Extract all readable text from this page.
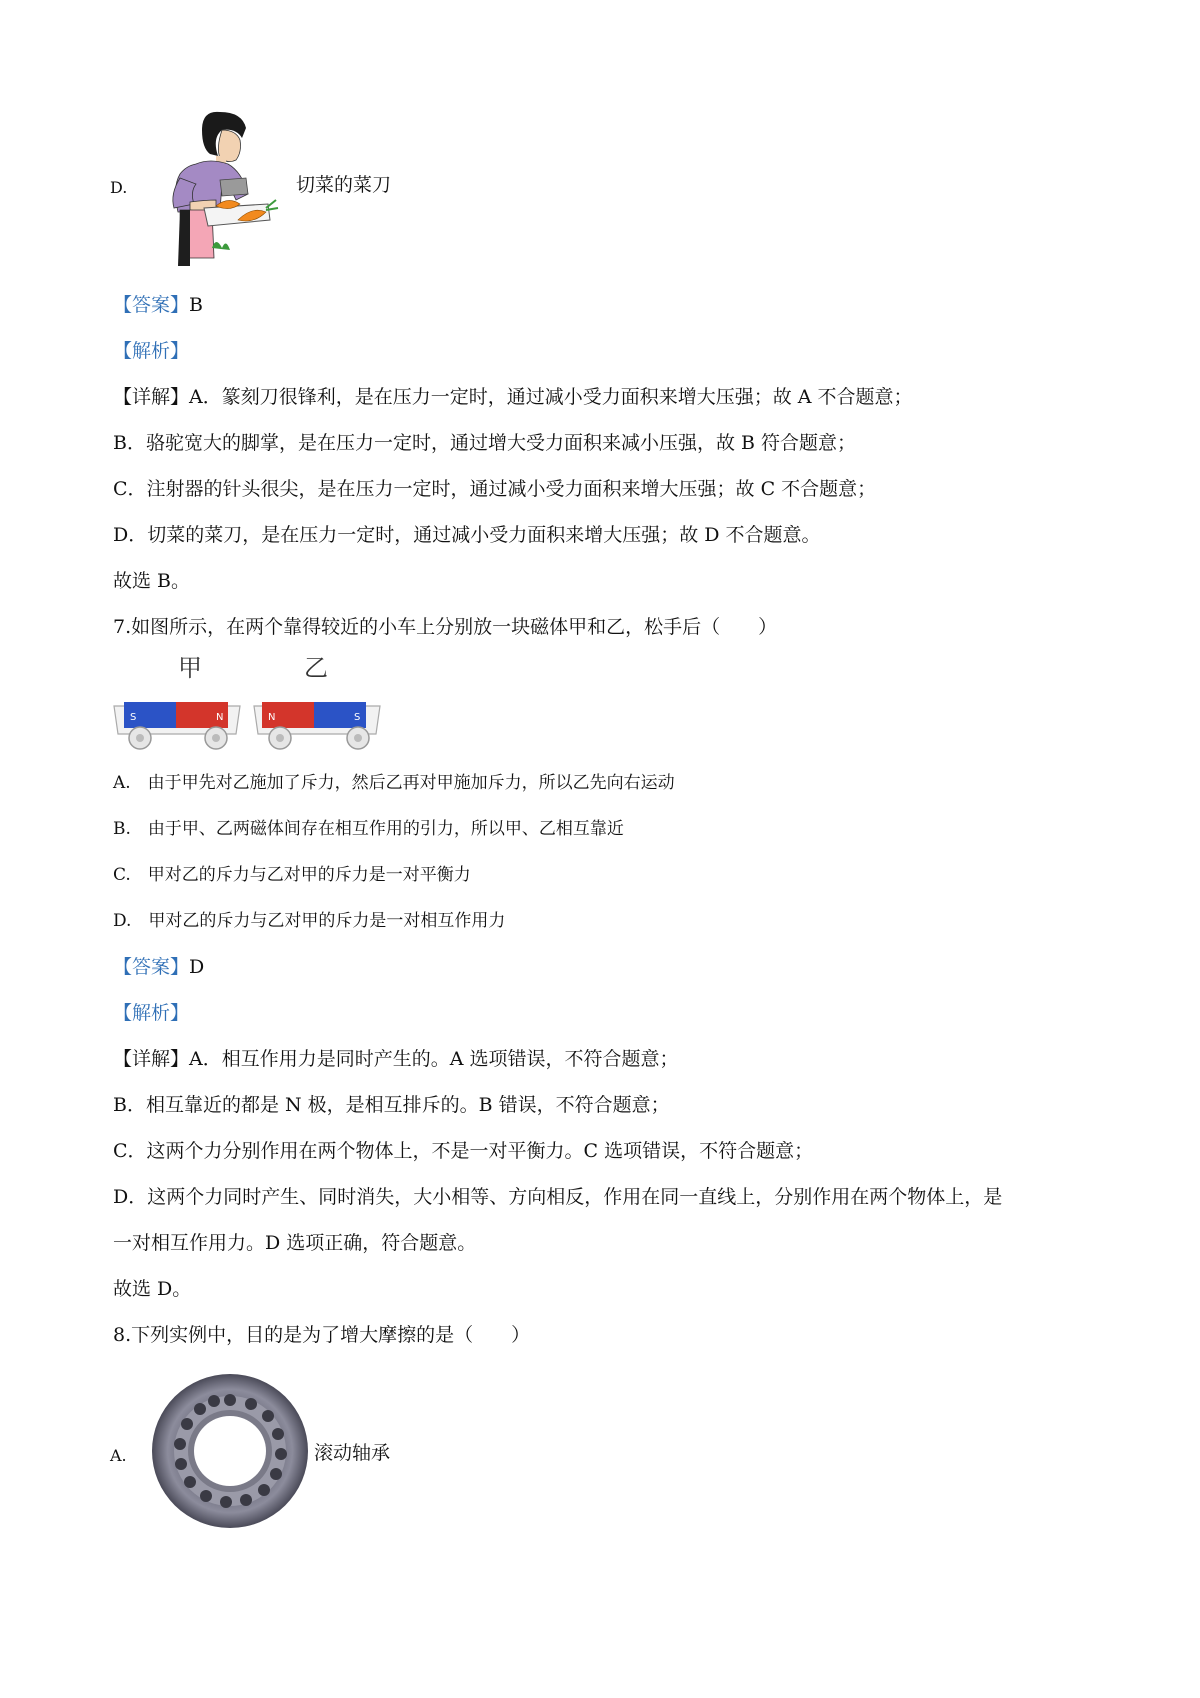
D.	切菜的菜刀
【答案】B
【解析】
【详解】A．篆刻刀很锋利，是在压力一定时，通过减小受力面积来增大压强；故 A 不合题意；
B．骆驼宽大的脚掌，是在压力一定时，通过增大受力面积来减小压强，故 B 符合题意；
C．注射器的针头很尖，是在压力一定时，通过减小受力面积来增大压强；故 C 不合题意；
D．切菜的菜刀，是在压力一定时，通过减小受力面积来增大压强；故 D 不合题意。
故选 B。
7.如图所示，在两个靠得较近的小车上分别放一块磁体甲和乙，松手后（　　）
甲	乙
S	N	N	S
A.　由于甲先对乙施加了斥力，然后乙再对甲施加斥力，所以乙先向右运动
B.　由于甲、乙两磁体间存在相互作用的引力，所以甲、乙相互靠近
C.　甲对乙的斥力与乙对甲的斥力是一对平衡力
D.　甲对乙的斥力与乙对甲的斥力是一对相互作用力
【答案】D
【解析】
【详解】A．相互作用力是同时产生的。A 选项错误，不符合题意；
B．相互靠近的都是 N 极，是相互排斥的。B 错误，不符合题意；
C．这两个力分别作用在两个物体上，不是一对平衡力。C 选项错误，不符合题意；
D．这两个力同时产生、同时消失，大小相等、方向相反，作用在同一直线上，分别作用在两个物体上，是
一对相互作用力。D 选项正确，符合题意。
故选 D。
8.下列实例中，目的是为了增大摩擦的是（　　）
A.	滚动轴承
